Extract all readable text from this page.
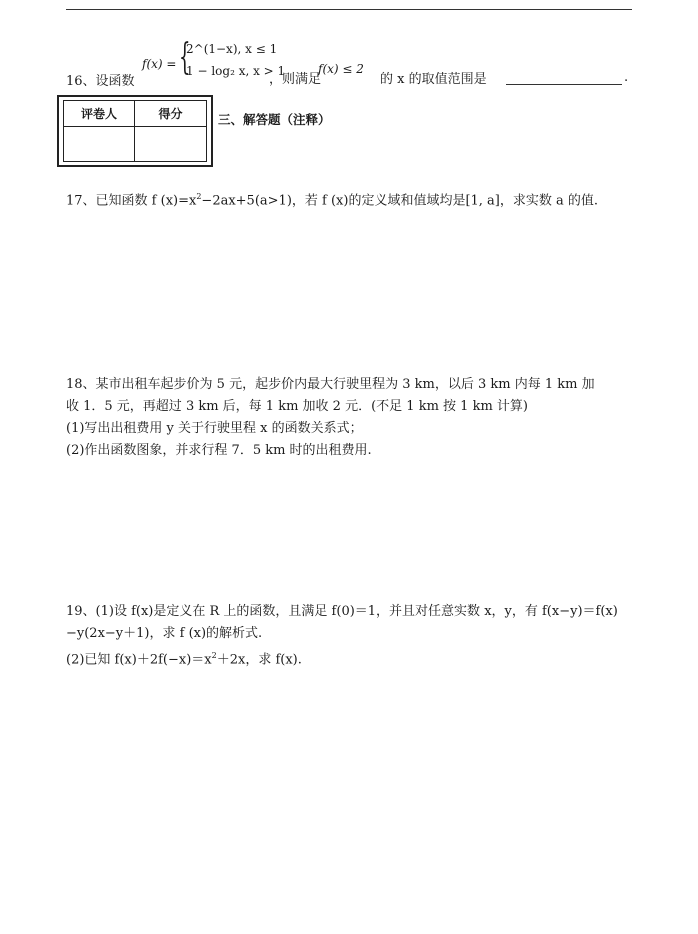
16、设函数
f(x) = {
2^(1−x), x ≤ 1
1 − log₂ x, x > 1
，则满足
f(x) ≤ 2
的 x 的取值范围是	.
评卷人	得分	三、解答题（注释）

17、已知函数 f $(x)=x^2-2ax+5(a>1)$，若 f (x)的定义域和值域均是[1, a]，求实数 a 的值.

18、某市出租车起步价为 5 元，起步价内最大行驶里程为 3 km，以后 3 km 内每 1 km 加

收 1．5 元，再超过 3 km 后，每 1 km 加收 2 元．(不足 1 km 按 1 km 计算)

(1)写出出租费用 y 关于行驶里程 x 的函数关系式；

(2)作出函数图象，并求行程 7．5 km 时的出租费用.

19、(1)设 f(x)是定义在 R 上的函数，且满足 f(0)＝1，并且对任意实数 x，y，有 f(x−y)＝f(x)

−y(2x−y＋1)，求 f (x)的解析式.

(2)已知 $f(x)+2f(-x)=x^2+2x$，求 f(x).
